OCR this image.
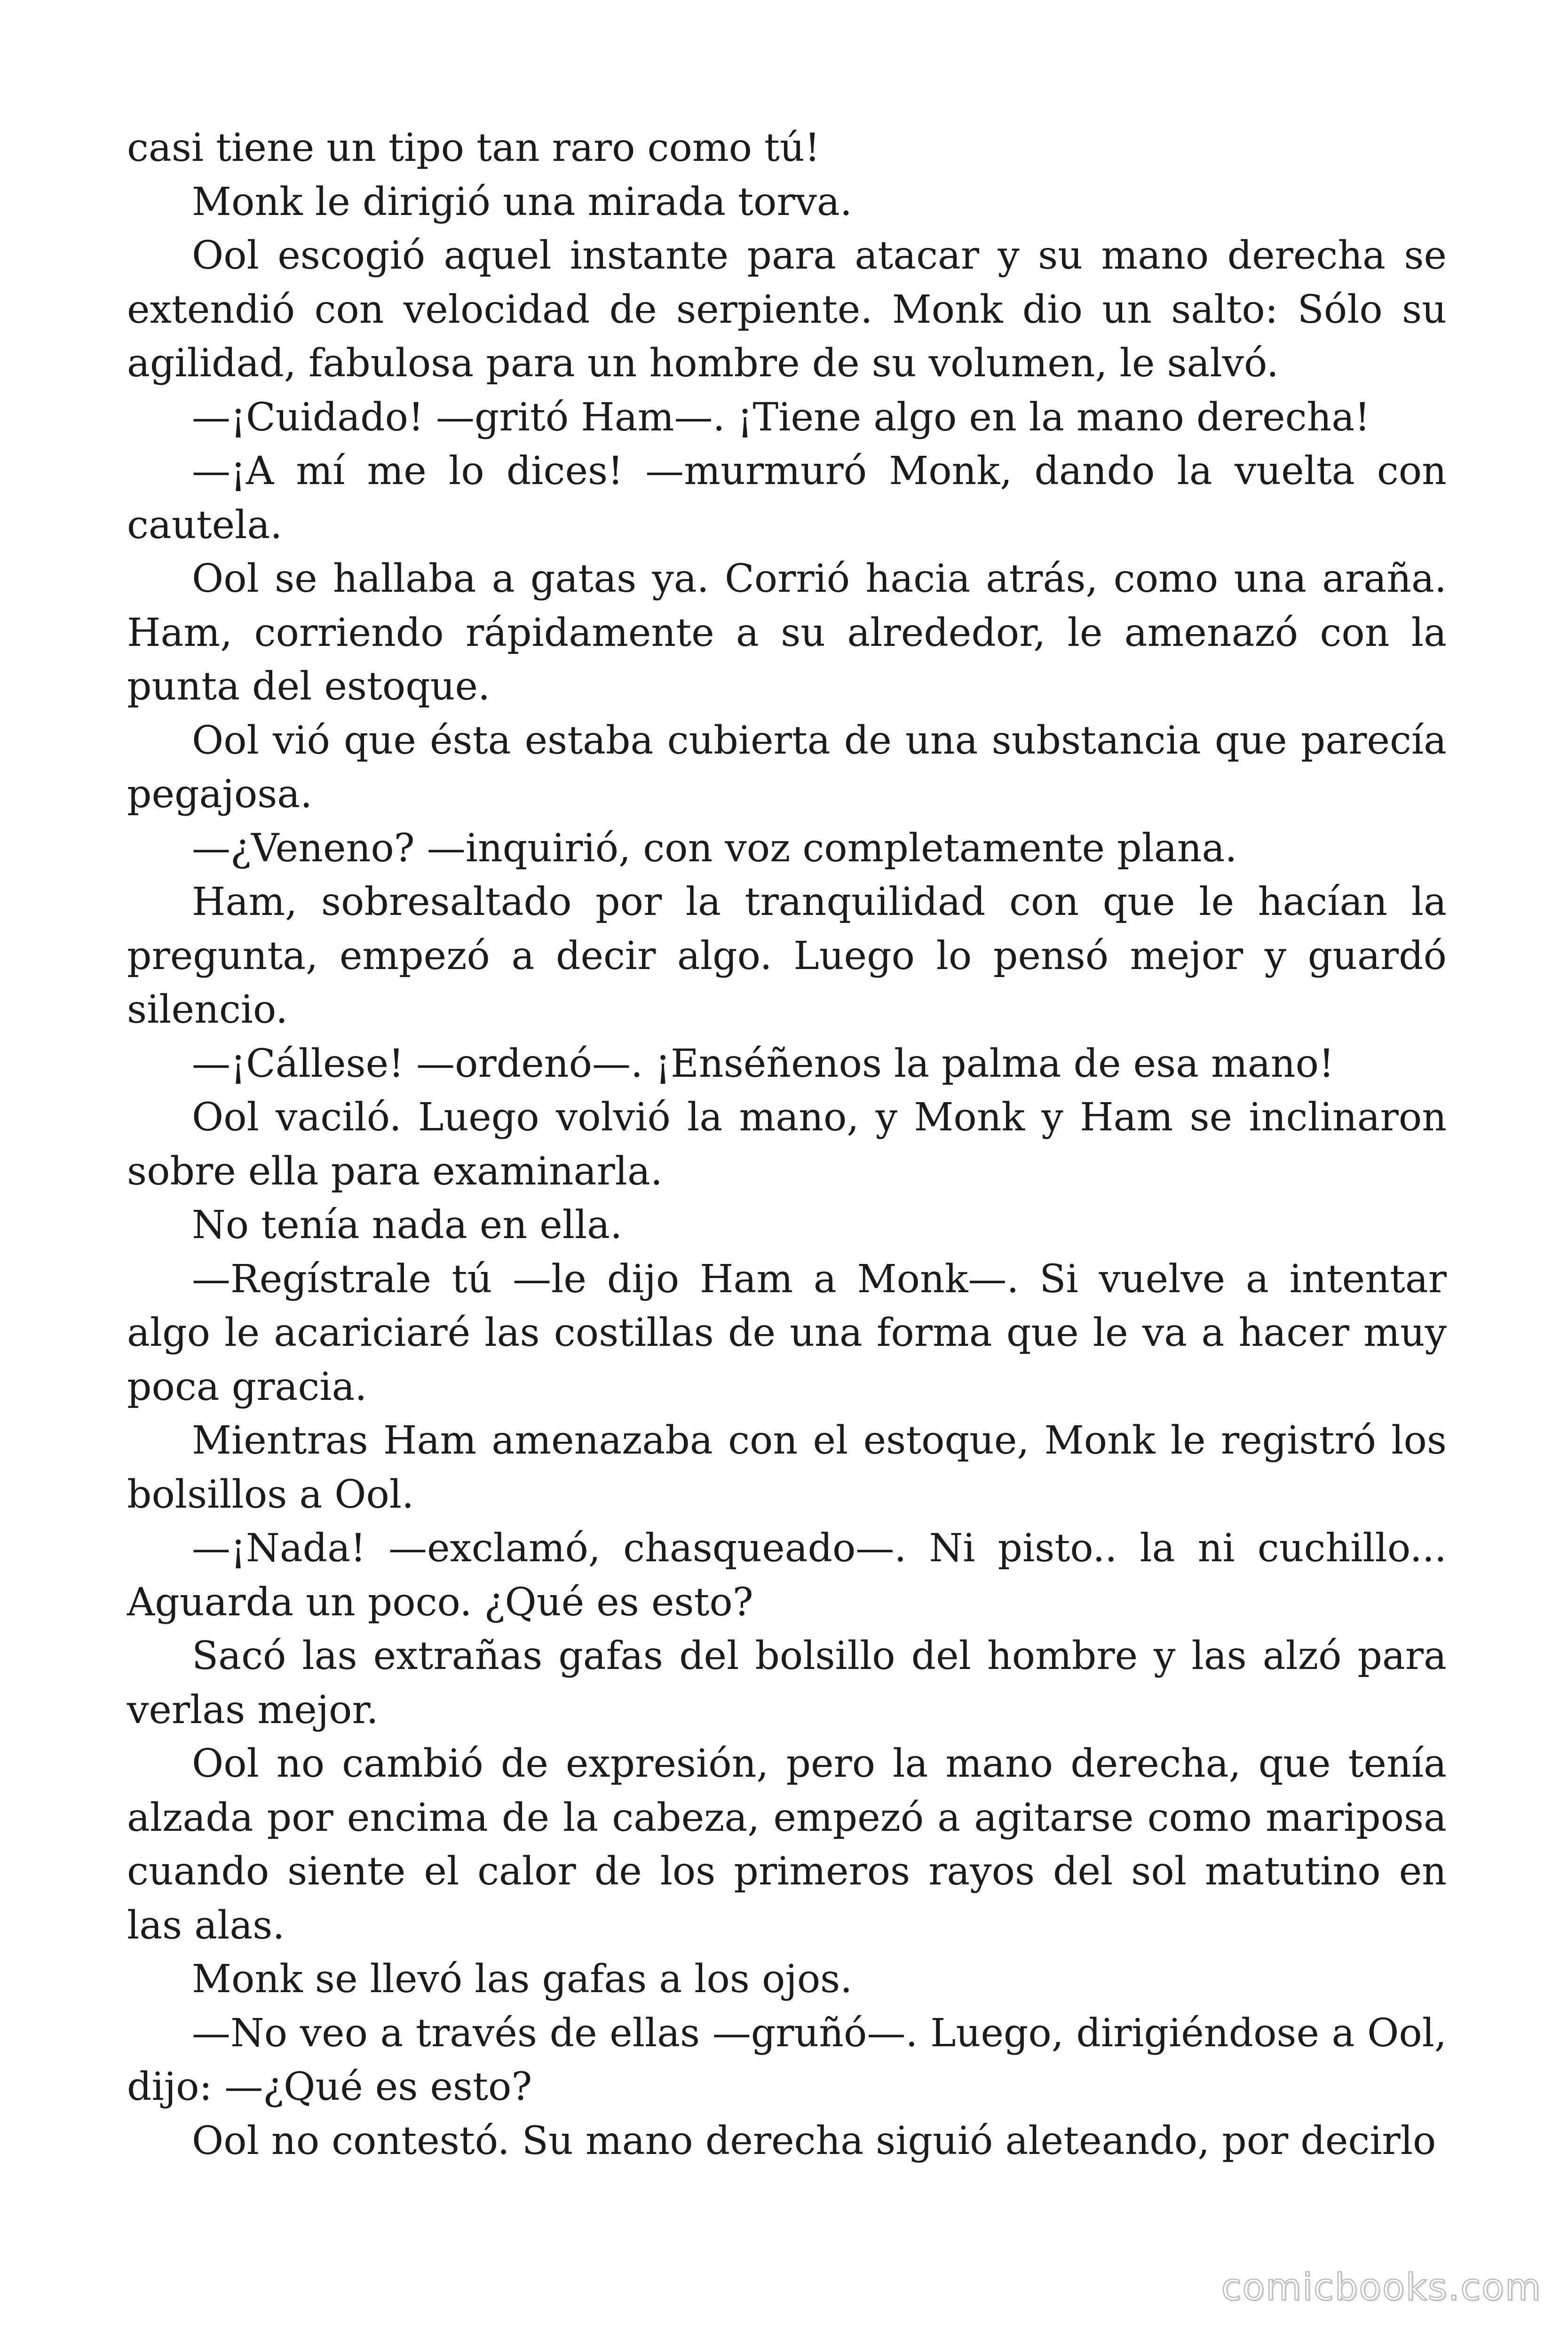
casi tiene un tipo tan raro como tú!

Monk le dirigió una mirada torva.

Ool escogió aquel instante para atacar y su mano derecha se extendió con velocidad de serpiente. Monk dio un salto: Sólo su agilidad, fabulosa para un hombre de su volumen, le salvó.

—¡Cuidado! —gritó Ham—. ¡Tiene algo en la mano derecha!

—¡A mí me lo dices! —murmuró Monk, dando la vuelta con cautela.

Ool se hallaba a gatas ya. Corrió hacia atrás, como una araña. Ham, corriendo rápidamente a su alrededor, le amenazó con la punta del estoque.

Ool vió que ésta estaba cubierta de una substancia que parecía pegajosa.

—¿Veneno? —inquirió, con voz completamente plana.

Ham, sobresaltado por la tranquilidad con que le hacían la pregunta, empezó a decir algo. Luego lo pensó mejor y guardó silencio.

—¡Cállese! —ordenó—. ¡Enséñenos la palma de esa mano!

Ool vaciló. Luego volvió la mano, y Monk y Ham se inclinaron sobre ella para examinarla.

No tenía nada en ella.

—Regístrale tú —le dijo Ham a Monk—. Si vuelve a intentar algo le acariciaré las costillas de una forma que le va a hacer muy poca gracia.

Mientras Ham amenazaba con el estoque, Monk le registró los bolsillos a Ool.

—¡Nada! —exclamó, chasqueado—. Ni pisto.. la ni cuchillo... Aguarda un poco. ¿Qué es esto?

Sacó las extrañas gafas del bolsillo del hombre y las alzó para verlas mejor.

Ool no cambió de expresión, pero la mano derecha, que tenía alzada por encima de la cabeza, empezó a agitarse como mariposa cuando siente el calor de los primeros rayos del sol matutino en las alas.

Monk se llevó las gafas a los ojos.

—No veo a través de ellas —gruñó—. Luego, dirigiéndose a Ool, dijo: —¿Qué es esto?

Ool no contestó. Su mano derecha siguió aleteando, por decirlo

comicbooks.com
